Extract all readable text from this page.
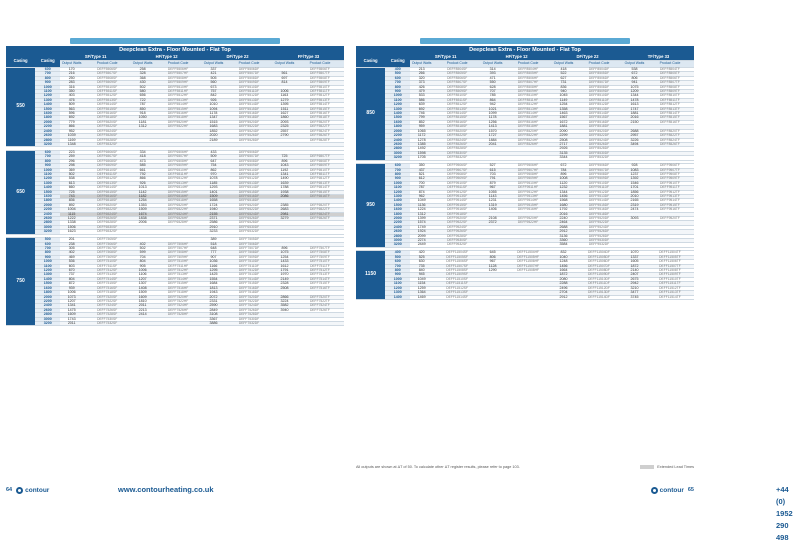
Deepclean Extra - Floor Mounted - Flat Top
Casing	Casing	SF/Type 11		HF/Type 12		DF/Type 22		FF/Type 33	
		Output Watts	Product Code	Output Watts	Product Code	Output Watts	Product Code	Output Watts	Product Code
550	600	170	DEFF5506SF	258	DEFF5506HF	337	DEFF5506DF		DEFF5506TF
	700	216	DEFF5507SF	328	DEFF5507HF	421	DEFF5507DF	561	DEFF5507TF
	800	250	DEFF5508SF	368	DEFF5508HF	505	DEFF5508DF	697	DEFF5508TF
	900	283	DEFF5509SF	430	DEFF5509HF	560	DEFF5509DF	814	DEFF5509TF
	1000	316	DEFF5510SF	502	DEFF5510HF	673	DEFF5510DF		DEFF5510TF
	1100	350	DEFF5511SF	580	DEFF5511HF	757	DEFF5511DF	1006	DEFF5511TF
	1200	403	DEFF5512SF	656	DEFF5512HF	842	DEFF5512DF	1163	DEFF5512TF
	1300	476	DEFF5513SF	722	DEFF5513HF	926	DEFF5513DF	1279	DEFF5513TF
	1400	509	DEFF5514SF	787	DEFF5514HF	1010	DEFF5514DF	1395	DEFF5514TF
	1500	563	DEFF5515SF	850	DEFF5515HF	1094	DEFF5515DF	1511	DEFF5515TF
	1600	596	DEFF5516SF	918	DEFF5516HF	1178	DEFF5516DF	1627	DEFF5516TF
	1800	692	DEFF5518SF	1050	DEFF5518HF	1347	DEFF5518DF	1860	DEFF5518TF
	2000	779	DEFF5520SF	1181	DEFF5520HF	1515	DEFF5520DF	2093	DEFF5520TF
	2200	866	DEFF5522SF	1312	DEFF5522HF	1683	DEFF5522DF	2325	DEFF5522TF
	2400	952	DEFF5524SF			1852	DEFF5524DF	2557	DEFF5524TF
	2600	1039	DEFF5526SF			2020	DEFF5526DF	2790	DEFF5526TF
	2800	1169	DEFF5528SF			2189	DEFF5528DF		DEFF5528TF
	3200	1348	DEFF5532SF						

650	600	223	DEFF6506SF	334	DEFF6506HF	433	DEFF6506DF		
	700	259	DEFF6507SF	418	DEFF6507HF	509	DEFF6507DF	725	DEFF6507TF
	800	296	DEFF6508SF	473	DEFF6508HF	647	DEFF6508DF	896	DEFF6508TF
	900	298	DEFF6509SF	585	DEFF6509HF	754	DEFF6509DF	1043	DEFF6509TF
	1000	369	DEFF6510SF	661	DEFF6510HF	862	DEFF6510DF	1192	DEFF6510TF
	1100	502	DEFF6511SF	792	DEFF6511HF	970	DEFF6511DF	1341	DEFF6511TF
	1200	538	DEFF6512SF	866	DEFF6512HF	1078	DEFF6512DF	1490	DEFF6512TF
	1300	613	DEFF6513SF	926	DEFF6513HF	1185	DEFF6513DF	1639	DEFF6513TF
	1400	660	DEFF6514SF	1013	DEFF6514HF	1293	DEFF6514DF	1788	DEFF6514TF
	1500	725	DEFF6515SF	1142	DEFF6515HF	1401	DEFF6515DF	1938	DEFF6515TF
	1600	743	DEFF6516SF	1182	DEFF6516HF	1509	DEFF6516DF	2086	DEFF6516TF
	1800	836	DEFF6518SF	1254	DEFF6518HF	1658	DEFF6518DF		
	2000	892	DEFF6520SF	1353	DEFF6520HF	1724	DEFF6520DF	2385	DEFF6520TF
	2200	1004	DEFF6522SF	1509	DEFF6522HF	1940	DEFF6522DF	2683	DEFF6522TF
	2400	1115	DEFF6524SF	1674	DEFF6524HF	2155	DEFF6524DF	2981	DEFF6524TF
	2600	1222	DEFF6526SF	1838	DEFF6526HF	2371	DEFF6526DF	3279	DEFF6526TF
	2800	1338	DEFF6528SF	2006	DEFF6528HF	2586	DEFF6528DF		
	3000	1506	DEFF6530SF			2910	DEFF6530DF		
	3200	1623	DEFF6532SF			3233	DEFF6532DF		

750	500	201	DEFF7505SF			389	DEFF7505DF		
	600	238	DEFF7506SF	402	DEFF7506HF	518	DEFF7506DF		
	700	305	DEFF7507SF	502	DEFF7507HF	648	DEFF7507DF	896	DEFF7507TF
	800	402	DEFF7508SF	599	DEFF7508HF	777	DEFF7508DF	1075	DEFF7508TF
	900	469	DEFF7509SF	704	DEFF7509HF	907	DEFF7509DF	1254	DEFF7509TF
	1000	536	DEFF7510SF	804	DEFF7510HF	1036	DEFF7510DF	1433	DEFF7510TF
	1100	603	DEFF7511SF	905	DEFF7511HF	1166	DEFF7511DF	1612	DEFF7511TF
	1200	670	DEFF7512SF	1006	DEFF7512HF	1295	DEFF7512DF	1791	DEFF7512TF
	1300	737	DEFF7513SF	1106	DEFF7513HF	1425	DEFF7513DF	1970	DEFF7513TF
	1400	804	DEFF7514SF	1207	DEFF7514HF	1554	DEFF7514DF	2149	DEFF7514TF
	1500	872	DEFF7515SF	1307	DEFF7515HF	1684	DEFF7515DF	2328	DEFF7515TF
	1600	939	DEFF7516SF	1408	DEFF7516HF	1813	DEFF7516DF	2508	DEFF7516TF
	1800	1006	DEFF7518SF	1509	DEFF7518HF	1943	DEFF7518DF		
	2000	1073	DEFF7520SF	1609	DEFF7520HF	2072	DEFF7520DF	2866	DEFF7520TF
	2200	1207	DEFF7522SF	1810	DEFF7522HF	2331	DEFF7522DF	3224	DEFF7522TF
	2400	1341	DEFF7524SF	2011	DEFF7524HF	2590	DEFF7524DF	3582	DEFF7524TF
	2600	1475	DEFF7526SF	2213	DEFF7526HF	2849	DEFF7526DF	3940	DEFF7526TF
	2800	1609	DEFF7528SF	2414	DEFF7528HF	3108	DEFF7528DF		
	3000	1743	DEFF7530SF			3367	DEFF7530DF		
	3200	2011	DEFF7532SF			3886	DEFF7532DF		
64 contour	www.contourheating.co.uk
Deepclean Extra - Floor Mounted - Flat Top
Casing	Casing	SF/Type 11		HF/Type 12		DF/Type 22		TF/Type 33	
		Output Watts	Product Code	Output Watts	Product Code	Output Watts	Product Code	Output Watts	Product Code
850	400	213	DEFF8504SF	314	DEFF8504HF	418	DEFF8504DF	538	DEFF8504TF
	500	266	DEFF8505SF	393	DEFF8505HF	522	DEFF8505DF	672	DEFF8505TF
	600	320	DEFF8506SF	471	DEFF8506HF	627	DEFF8506DF	806	DEFF8506TF
	700	373	DEFF8507SF	550	DEFF8507HF	731	DEFF8507DF	941	DEFF8507TF
	800	426	DEFF8508SF	628	DEFF8508HF	836	DEFF8508DF	1075	DEFF8508TF
	900	479	DEFF8509SF	707	DEFF8509HF	940	DEFF8509DF	1209	DEFF8509TF
	1000	533	DEFF8510SF	785	DEFF8510HF	1045	DEFF8510DF	1344	DEFF8510TF
	1100	586	DEFF8511SF	864	DEFF8511HF	1149	DEFF8511DF	1478	DEFF8511TF
	1200	639	DEFF8512SF	942	DEFF8512HF	1254	DEFF8512DF	1613	DEFF8512TF
	1300	692	DEFF8513SF	1021	DEFF8513HF	1358	DEFF8513DF	1747	DEFF8513TF
	1400	746	DEFF8514SF	1099	DEFF8514HF	1463	DEFF8514DF	1881	DEFF8514TF
	1500	799	DEFF8515SF	1178	DEFF8515HF	1567	DEFF8515DF	2016	DEFF8515TF
	1600	852	DEFF8516SF	1256	DEFF8516HF	1672	DEFF8516DF	2150	DEFF8516TF
	1800	959	DEFF8518SF	1413	DEFF8518HF	1881	DEFF8518DF		
	2000	1065	DEFF8520SF	1570	DEFF8520HF	2090	DEFF8520DF	2688	DEFF8520TF
	2200	1172	DEFF8522SF	1727	DEFF8522HF	2299	DEFF8522DF	2957	DEFF8522TF
	2400	1278	DEFF8524SF	1884	DEFF8524HF	2508	DEFF8524DF	3226	DEFF8524TF
	2600	1385	DEFF8526SF	2041	DEFF8526HF	2717	DEFF8526DF	3494	DEFF8526TF
	2800	1492	DEFF8528SF			2926	DEFF8528DF		
	3000	1598	DEFF8530SF			3135	DEFF8530DF		
	3200	1705	DEFF8532SF			3344	DEFF8532DF		

950	600	350	DEFF9506SF	527	DEFF9506HF	672	DEFF9506DF	928	DEFF9506TF
	700	437	DEFF9507SF	615	DEFF9507HF	784	DEFF9507DF	1083	DEFF9507TF
	800	521	DEFF9508SF	703	DEFF9508HF	896	DEFF9508DF	1237	DEFF9508TF
	900	612	DEFF9509SF	791	DEFF9509HF	1008	DEFF9509DF	1392	DEFF9509TF
	1000	700	DEFF9510SF	879	DEFF9510HF	1120	DEFF9510DF	1546	DEFF9510TF
	1100	787	DEFF9511SF	967	DEFF9511HF	1232	DEFF9511DF	1701	DEFF9511TF
	1200	874	DEFF9512SF	1055	DEFF9512HF	1344	DEFF9512DF	1856	DEFF9512TF
	1300	962	DEFF9513SF	1143	DEFF9513HF	1456	DEFF9513DF	2010	DEFF9513TF
	1400	1049	DEFF9514SF	1231	DEFF9514HF	1568	DEFF9514DF	2165	DEFF9514TF
	1500	1136	DEFF9515SF	1319	DEFF9515HF	1680	DEFF9515DF	2319	DEFF9515TF
	1600	1224	DEFF9516SF	1406	DEFF9516HF	1792	DEFF9516DF	2474	DEFF9516TF
	1800	1312	DEFF9518SF			2016	DEFF9518DF		
	2000	1399	DEFF9520SF	2108	DEFF9520HF	2240	DEFF9520DF	3093	DEFF9520TF
	2200	1574	DEFF9522SF	2372	DEFF9522HF	2464	DEFF9522DF		
	2400	1749	DEFF9524SF			2688	DEFF9524DF		
	2600	1924	DEFF9526SF			2912	DEFF9526DF		
	2800	2099	DEFF9528SF			3136	DEFF9528DF		
	3000	2274	DEFF9530SF			3360	DEFF9530DF		
	3200	2449	DEFF9532SF			3584	DEFF9532DF		

1150	400	420	DEFF11504SF	645	DEFF11504HF	832	DEFF11504DF	1070	DEFF11504TF
	500	525	DEFF11505SF	806	DEFF11505HF	1040	DEFF11505DF	1337	DEFF11505TF
	600	630	DEFF11506SF	967	DEFF11506HF	1248	DEFF11506DF	1605	DEFF11506TF
	700	735	DEFF11507SF	1128	DEFF11507HF	1456	DEFF11507DF	1872	DEFF11507TF
	800	840	DEFF11508SF	1290	DEFF11508HF	1664	DEFF11508DF	2140	DEFF11508TF
	900	945	DEFF11509SF			1872	DEFF11509DF	2407	DEFF11509TF
	1000	1049	DEFF11510SF			2080	DEFF11510DF	2675	DEFF11510TF
	1100	1154	DEFF11511SF			2288	DEFF11511DF	2942	DEFF11511TF
	1200	1259	DEFF11512SF			2496	DEFF11512DF	3210	DEFF11512TF
	1300	1364	DEFF11513SF			2704	DEFF11513DF	3477	DEFF11513TF
	1400	1469	DEFF11514SF			2912	DEFF11514DF	3745	DEFF11514TF
All outputs are shown at ΔT of 50. To calculate other ΔT register results, please refer to page 103.	Extended Lead Times
+44 (0) 1952 290 498
contour 65
